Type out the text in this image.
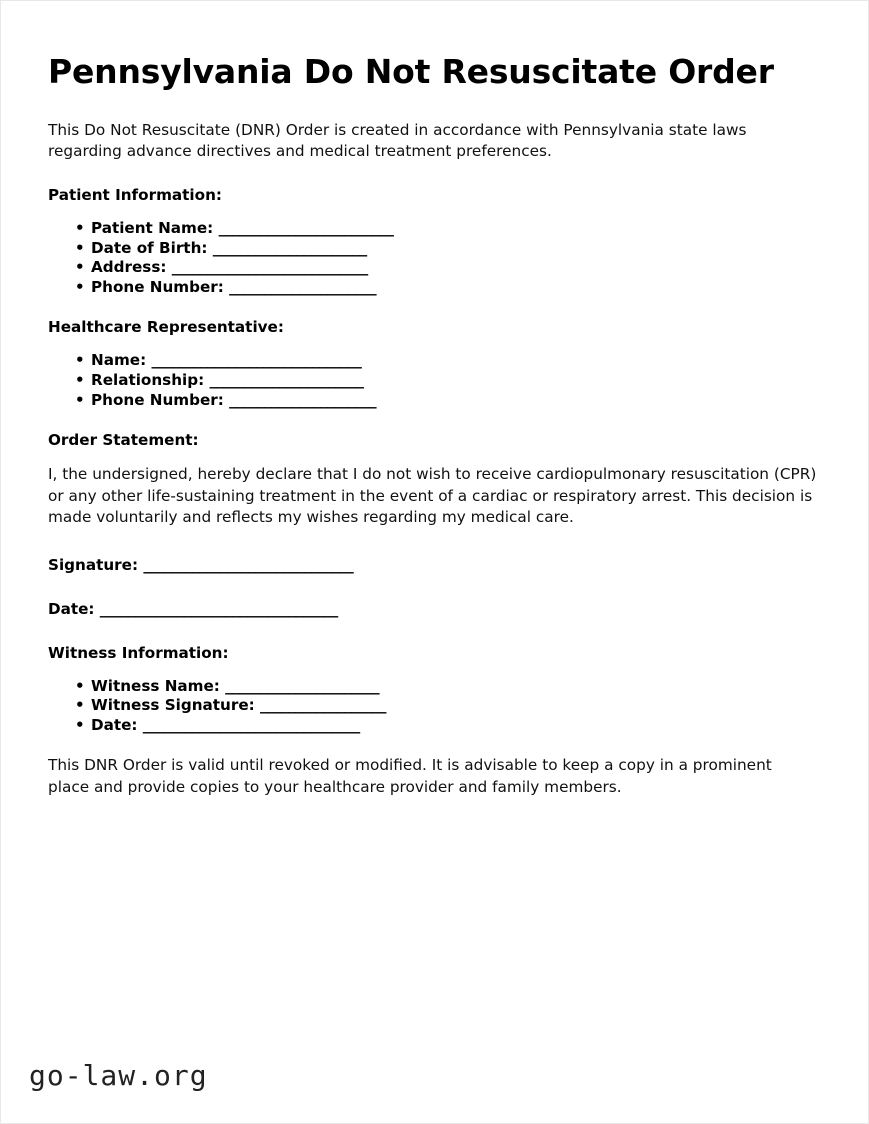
Pennsylvania Do Not Resuscitate Order

This Do Not Resuscitate (DNR) Order is created in accordance with Pennsylvania state laws regarding advance directives and medical treatment preferences.

Patient Information:
• Patient Name: _________________________
• Date of Birth: ______________________
• Address: ____________________________
• Phone Number: _____________________
Healthcare Representative:
• Name: ______________________________
• Relationship: ______________________
• Phone Number: _____________________
Order Statement:

I, the undersigned, hereby declare that I do not wish to receive cardiopulmonary resuscitation (CPR) or any other life-sustaining treatment in the event of a cardiac or respiratory arrest. This decision is made voluntarily and reflects my wishes regarding my medical care.

Signature: ______________________________

Date: __________________________________

Witness Information:
• Witness Name: ______________________
• Witness Signature: __________________
• Date: _______________________________

This DNR Order is valid until revoked or modified. It is advisable to keep a copy in a prominent place and provide copies to your healthcare provider and family members.

go-law.org
